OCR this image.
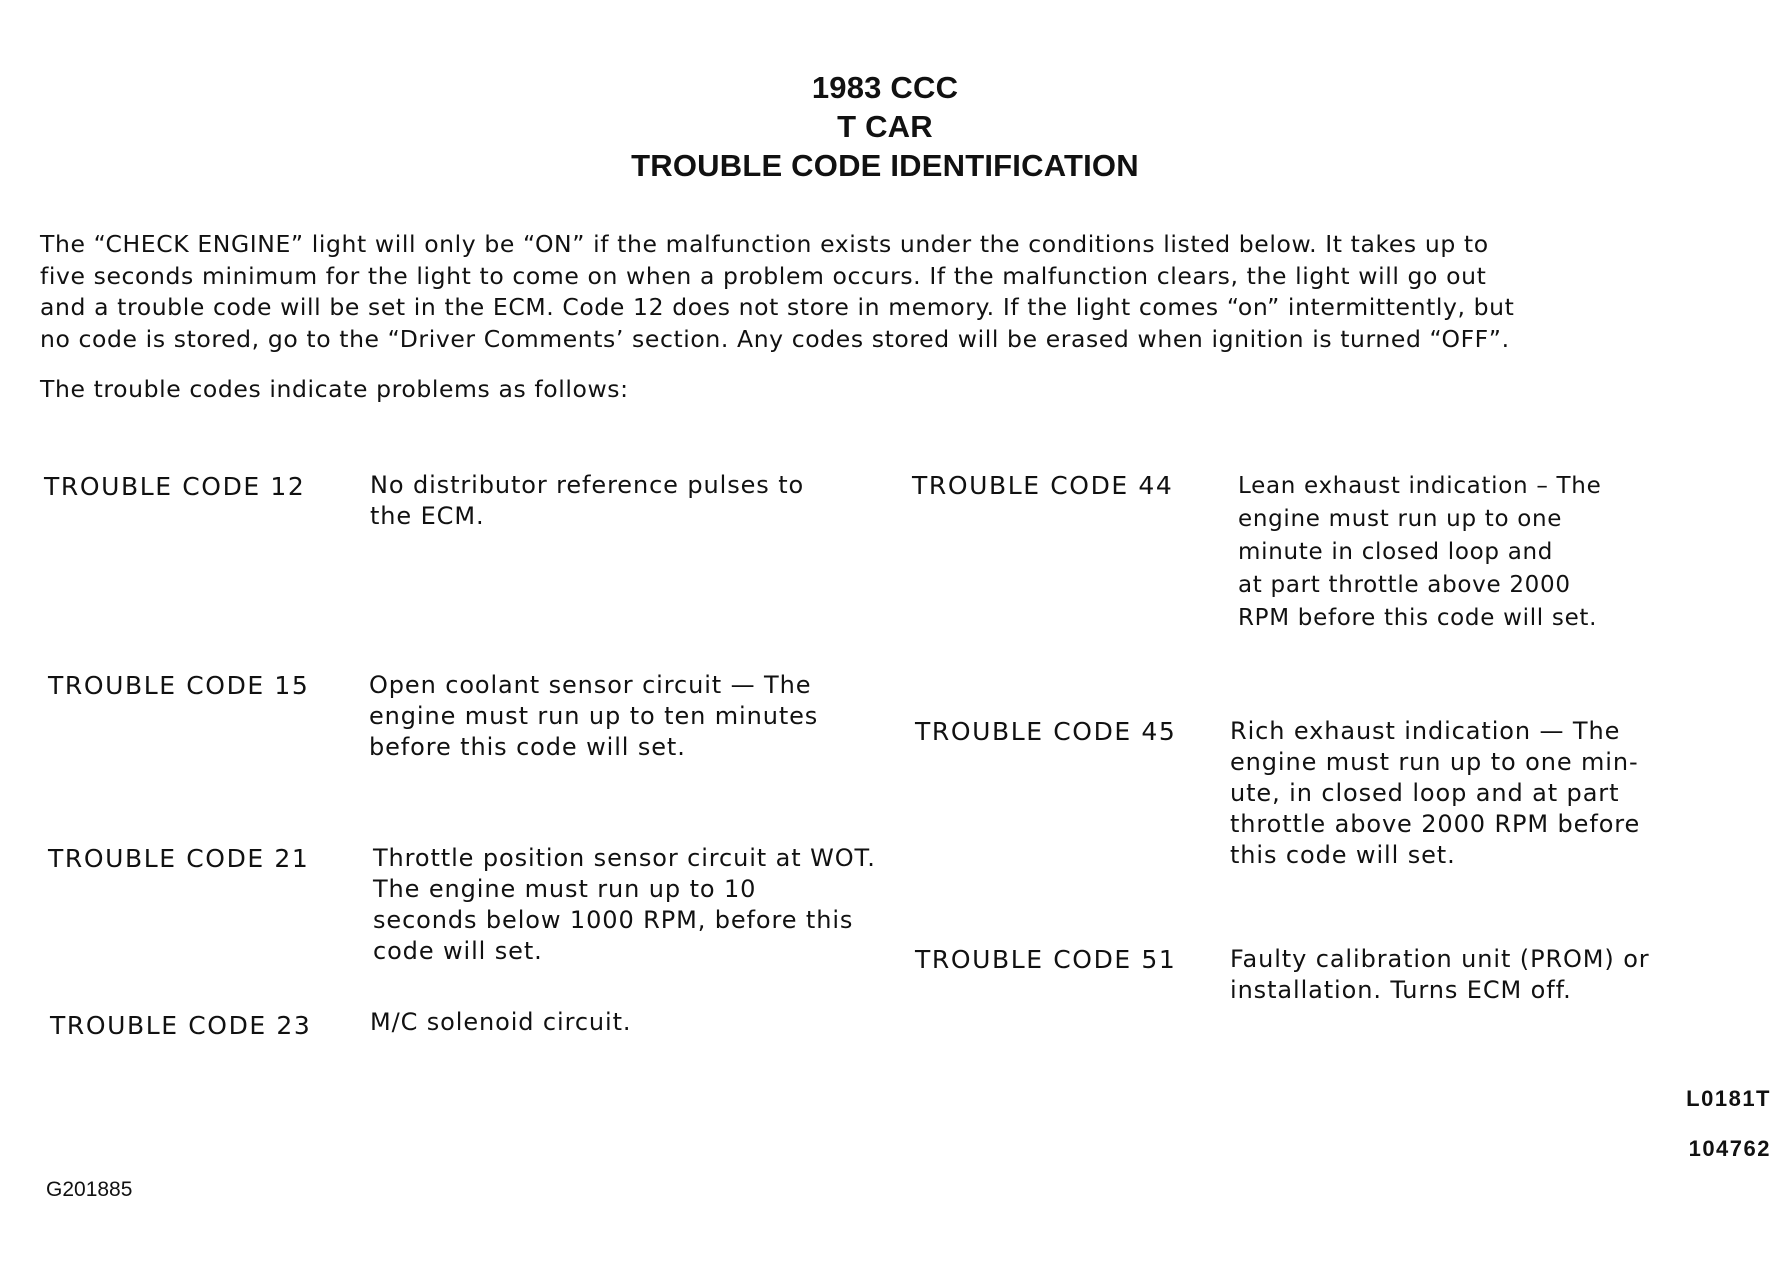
1983 CCC
T CAR
TROUBLE CODE IDENTIFICATION

The “CHECK ENGINE” light will only be “ON” if the malfunction exists under the conditions listed below. It takes up to
five seconds minimum for the light to come on when a problem occurs. If the malfunction clears, the light will go out
and a trouble code will be set in the ECM. Code 12 does not store in memory. If the light comes “on” intermittently, but
no code is stored, go to the “Driver Comments’ section. Any codes stored will be erased when ignition is turned “OFF”.

The trouble codes indicate problems as follows:

TROUBLE CODE 12	No distributor reference pulses to
the ECM.
TROUBLE CODE 15 Open coolant sensor circuit — The
engine must run up to ten minutes
before this code will set.
TROUBLE CODE 21	Throttle position sensor circuit at WOT.
The engine must run up to 10
seconds below 1000 RPM, before this
code will set.
TROUBLE CODE 23 M/C solenoid circuit.
TROUBLE CODE 44	Lean exhaust indication – The
engine must run up to one
minute in closed loop and
at part throttle above 2000
RPM before this code will set.
TROUBLE CODE 45 Rich exhaust indication — The
engine must run up to one min-
ute, in closed loop and at part
throttle above 2000 RPM before
this code will set.
TROUBLE CODE 51 Faulty calibration unit (PROM) or
installation. Turns ECM off.
L0181T
104762
G201885
